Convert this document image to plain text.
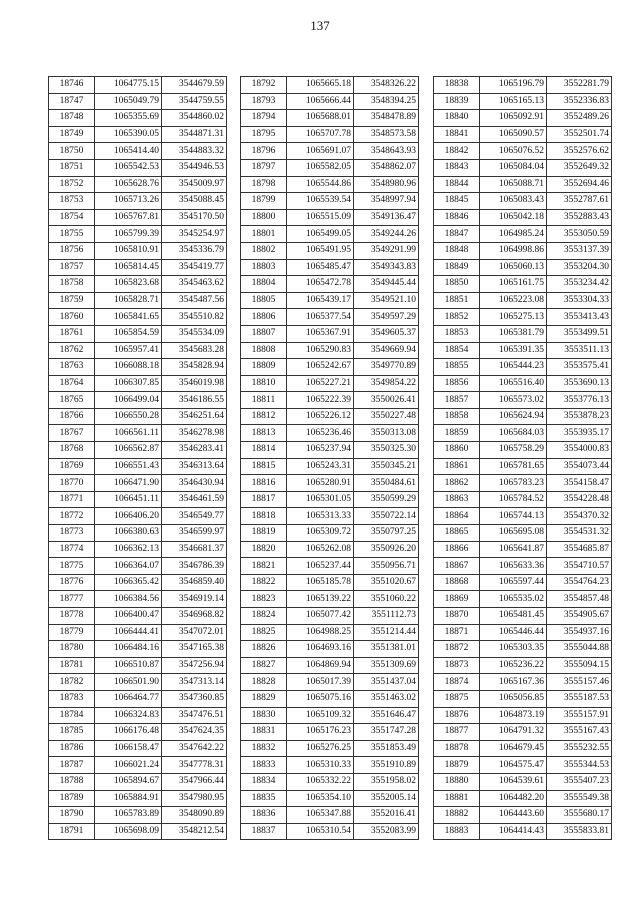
137
18746	1064775.15	3544679.59
18747	1065049.79	3544759.55
18748	1065355.69	3544860.02
18749	1065390.05	3544871.31
18750	1065414.40	3544883.32
18751	1065542.53	3544946.53
18752	1065628.76	3545009.97
18753	1065713.26	3545088.45
18754	1065767.81	3545170.50
18755	1065799.39	3545254.97
18756	1065810.91	3545336.79
18757	1065814.45	3545419.77
18758	1065823.68	3545463.62
18759	1065828.71	3545487.56
18760	1065841.65	3545510.82
18761	1065854.59	3545534.09
18762	1065957.41	3545683.28
18763	1066088.18	3545828.94
18764	1066307.85	3546019.98
18765	1066499.04	3546186.55
18766	1066550.28	3546251.64
18767	1066561.11	3546278.98
18768	1066562.87	3546283.41
18769	1066551.43	3546313.64
18770	1066471.90	3546430.94
18771	1066451.11	3546461.59
18772	1066406.20	3546549.77
18773	1066380.63	3546599.97
18774	1066362.13	3546681.37
18775	1066364.07	3546786.39
18776	1066365.42	3546859.40
18777	1066384.56	3546919.14
18778	1066400.47	3546968.82
18779	1066444.41	3547072.01
18780	1066484.16	3547165.38
18781	1066510.87	3547256.94
18782	1066501.90	3547313.14
18783	1066464.77	3547360.85
18784	1066324.83	3547476.51
18785	1066176.48	3547624.35
18786	1066158.47	3547642.22
18787	1066021.24	3547778.31
18788	1065894.67	3547966.44
18789	1065884.91	3547980.95
18790	1065783.89	3548090.89
18791	1065698.09	3548212.54
18792	1065665.18	3548326.22
18793	1065666.44	3548394.25
18794	1065688.01	3548478.89
18795	1065707.78	3548573.58
18796	1065691.07	3548643.93
18797	1065582.05	3548862.07
18798	1065544.86	3548980.96
18799	1065539.54	3548997.94
18800	1065515.09	3549136.47
18801	1065499.05	3549244.26
18802	1065491.95	3549291.99
18803	1065485.47	3549343.83
18804	1065472.78	3549445.44
18805	1065439.17	3549521.10
18806	1065377.54	3549597.29
18807	1065367.91	3549605.37
18808	1065290.83	3549669.94
18809	1065242.67	3549770.89
18810	1065227.21	3549854.22
18811	1065222.39	3550026.41
18812	1065226.12	3550227.48
18813	1065236.46	3550313.08
18814	1065237.94	3550325.30
18815	1065243.31	3550345.21
18816	1065280.91	3550484.61
18817	1065301.05	3550599.29
18818	1065313.33	3550722.14
18819	1065309.72	3550797.25
18820	1065262.08	3550926.20
18821	1065237.44	3550956.71
18822	1065185.78	3551020.67
18823	1065139.22	3551060.22
18824	1065077.42	3551112.73
18825	1064988.25	3551214.44
18826	1064693.16	3551381.01
18827	1064869.94	3551309.69
18828	1065017.39	3551437.04
18829	1065075.16	3551463.02
18830	1065109.32	3551646.47
18831	1065176.23	3551747.28
18832	1065276.25	3551853.49
18833	1065310.33	3551910.89
18834	1065332.22	3551958.02
18835	1065354.10	3552005.14
18836	1065347.88	3552016.41
18837	1065310.54	3552083.99
18838	1065196.79	3552281.79
18839	1065165.13	3552336.83
18840	1065092.91	3552489.26
18841	1065090.57	3552501.74
18842	1065076.52	3552576.62
18843	1065084.04	3552649.32
18844	1065088.71	3552694.46
18845	1065083.43	3552787.61
18846	1065042.18	3552883.43
18847	1064985.24	3553050.59
18848	1064998.86	3553137.39
18849	1065060.13	3553204.30
18850	1065161.75	3553234.42
18851	1065223.08	3553304.33
18852	1065275.13	3553413.43
18853	1065381.79	3553499.51
18854	1065391.35	3553511.13
18855	1065444.23	3553575.41
18856	1065516.40	3553690.13
18857	1065573.02	3553776.13
18858	1065624.94	3553878.23
18859	1065684.03	3553935.17
18860	1065758.29	3554000.83
18861	1065781.65	3554073.44
18862	1065783.23	3554158.47
18863	1065784.52	3554228.48
18864	1065744.13	3554370.32
18865	1065695.08	3554531.32
18866	1065641.87	3554685.87
18867	1065633.36	3554710.57
18868	1065597.44	3554764.23
18869	1065535.02	3554857.48
18870	1065481.45	3554905.67
18871	1065446.44	3554937.16
18872	1065303.35	3555044.88
18873	1065236.22	3555094.15
18874	1065167.36	3555157.46
18875	1065056.85	3555187.53
18876	1064873.19	3555157.91
18877	1064791.32	3555167.43
18878	1064679.45	3555232.55
18879	1064575.47	3555344.53
18880	1064539.61	3555407.23
18881	1064482.20	3555549.38
18882	1064443.60	3555680.17
18883	1064414.43	3555833.81
